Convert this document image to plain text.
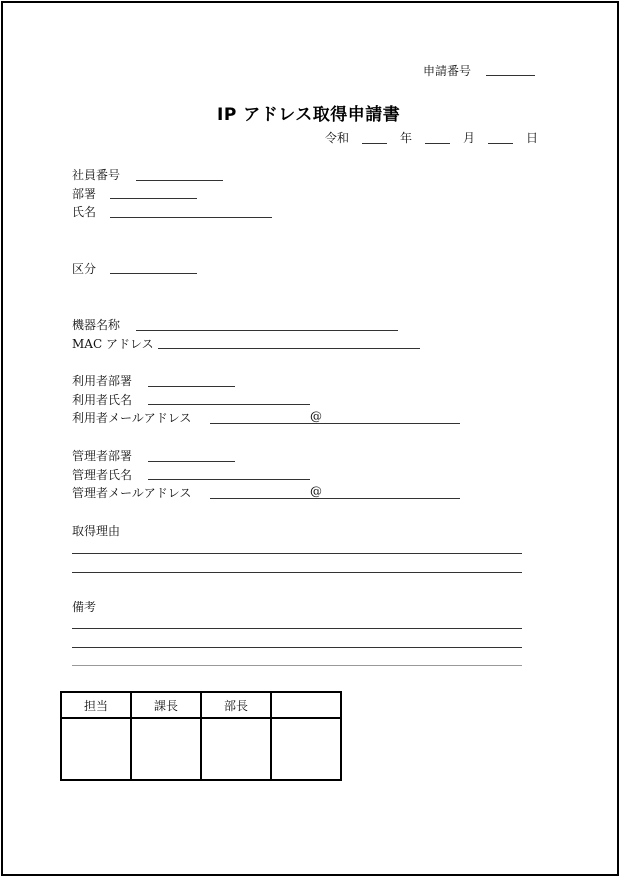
申請番号
IP アドレス取得申請書
令和	年	月	日
社員番号
部署
氏名
区分
機器名称
MAC アドレス
利用者部署
利用者氏名
利用者メールアドレス	@
管理者部署
管理者氏名
管理者メールアドレス	@
取得理由
備考
担当	課長	部長	
